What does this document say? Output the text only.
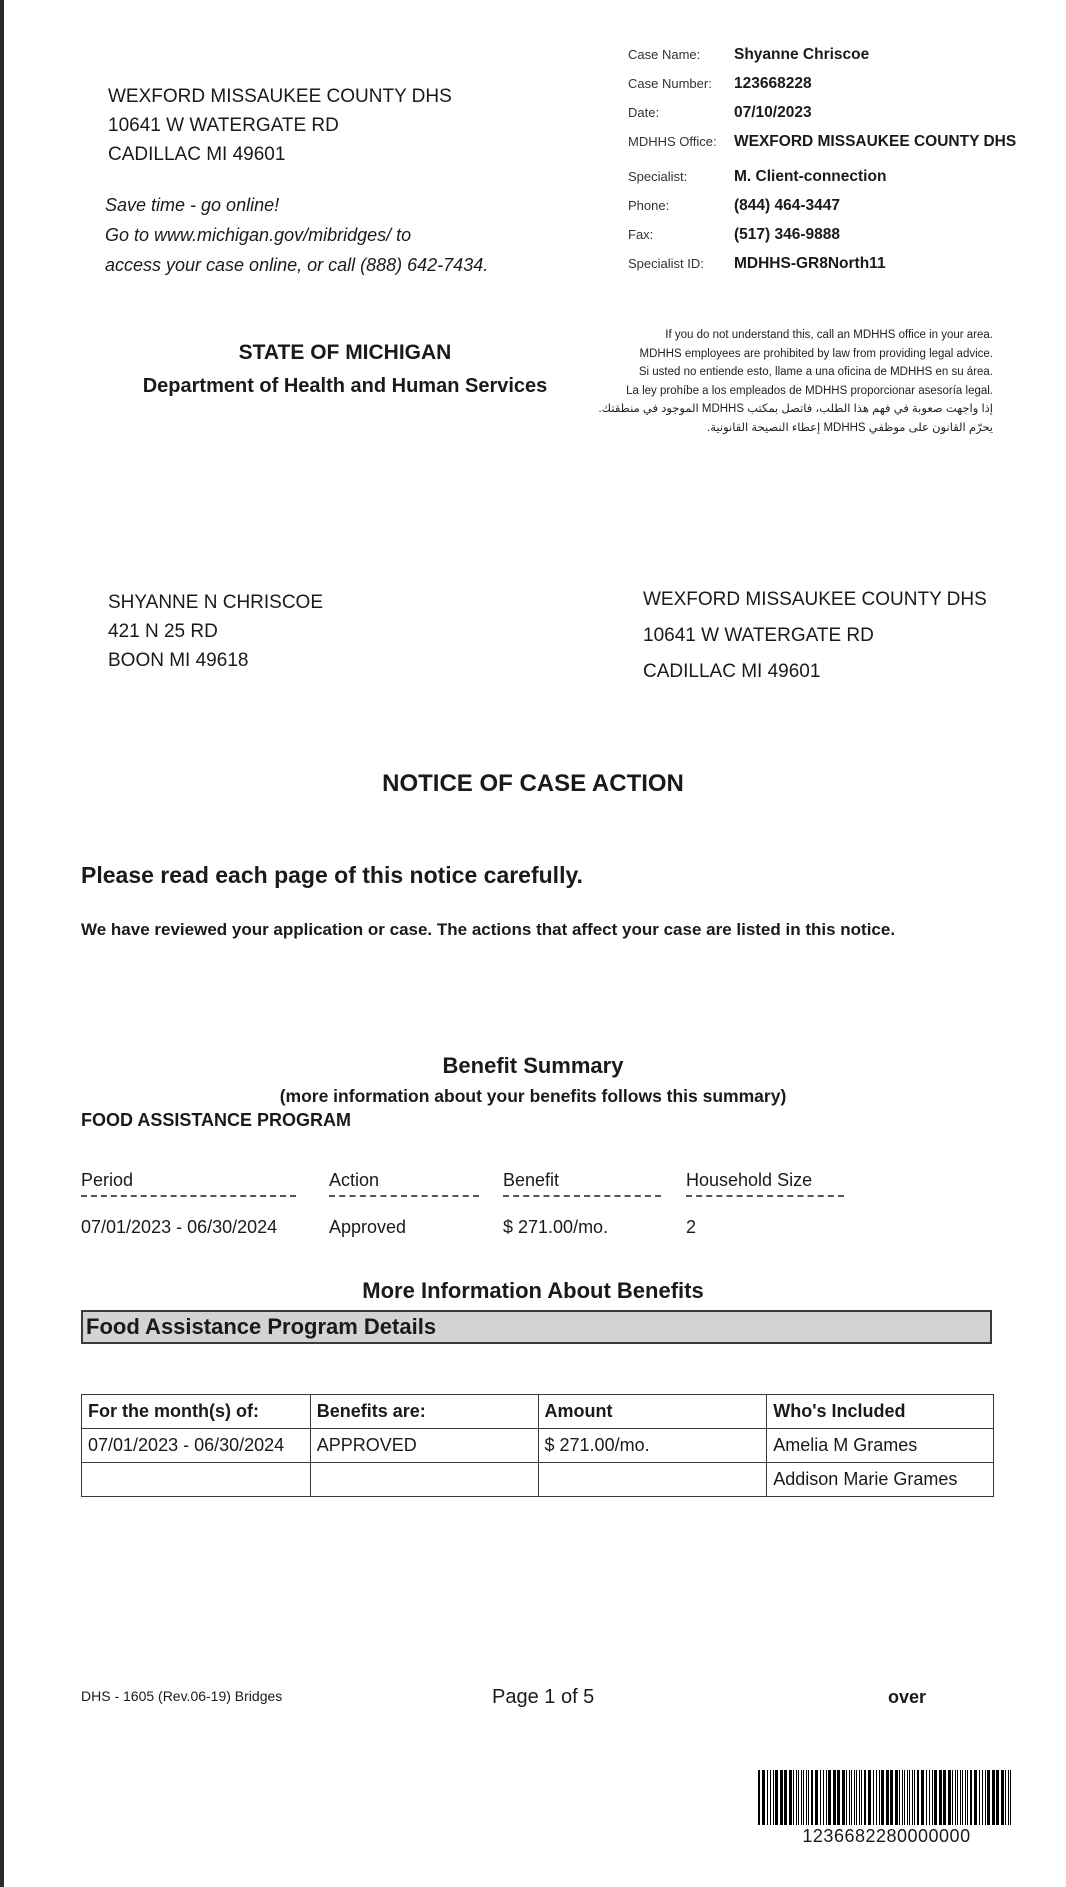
WEXFORD MISSAUKEE COUNTY DHS
10641 W WATERGATE RD
CADILLAC MI 49601
Save time - go online!
Go to www.michigan.gov/mibridges/ to
access your case online, or call (888) 642-7434.
Case Name:	Shyanne Chriscoe
Case Number:	123668228
Date:	07/10/2023
MDHHS Office:	WEXFORD MISSAUKEE COUNTY DHS
Specialist:	M. Client-connection
Phone:	(844) 464-3447
Fax:	(517) 346-9888
Specialist ID:	MDHHS-GR8North11
STATE OF MICHIGAN
Department of Health and Human Services
If you do not understand this, call an MDHHS office in your area.
MDHHS employees are prohibited by law from providing legal advice.
Si usted no entiende esto, llame a una oficina de MDHHS en su área.
La ley prohíbe a los empleados de MDHHS proporcionar asesoría legal.
إذا واجهت صعوبة في فهم هذا الطلب، فاتصل بمكتب MDHHS الموجود في منطقتك.
يحرّم القانون على موظفي MDHHS إعطاء النصيحة القانونية.
SHYANNE N CHRISCOE
421 N 25 RD
BOON MI 49618
WEXFORD MISSAUKEE COUNTY DHS
10641 W WATERGATE RD
CADILLAC MI 49601
NOTICE OF CASE ACTION
Please read each page of this notice carefully.
We have reviewed your application or case. The actions that affect your case are listed in this notice.
Benefit Summary
(more information about your benefits follows this summary)
FOOD ASSISTANCE PROGRAM
Period	Action	Benefit	Household Size
07/01/2023 - 06/30/2024	Approved	$ 271.00/mo.	2
More Information About Benefits
Food Assistance Program Details
For the month(s) of:	Benefits are:	Amount	Who's Included
07/01/2023 - 06/30/2024	APPROVED	$ 271.00/mo.	Amelia M Grames
			Addison Marie Grames
DHS - 1605 (Rev.06-19) Bridges	Page 1 of 5	over
1236682280000000
